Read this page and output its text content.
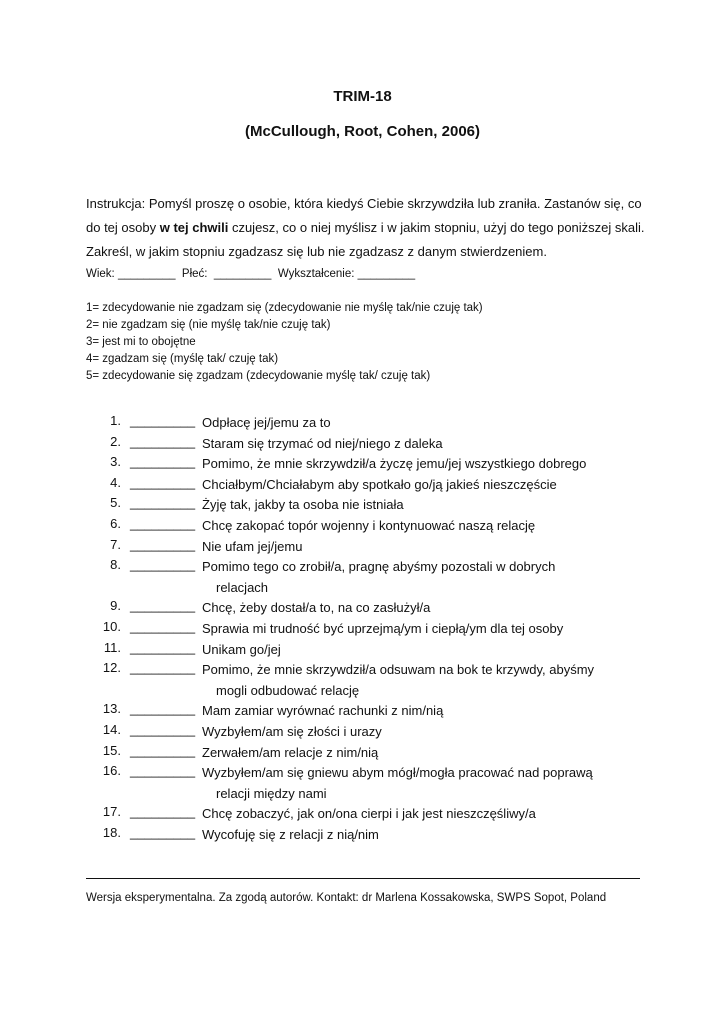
TRIM-18
(McCullough, Root, Cohen, 2006)
Instrukcja: Pomyśl proszę o osobie, która kiedyś Ciebie skrzywdziła lub zraniła. Zastanów się, co do tej osoby w tej chwili czujesz, co o niej myślisz i w jakim stopniu, użyj do tego poniższej skali. Zakreśl, w jakim stopniu zgadzasz się lub nie zgadzasz z danym stwierdzeniem.
Wiek: _________ Płeć: _________ Wykształcenie: _________
1= zdecydowanie nie zgadzam się (zdecydowanie nie myślę tak/nie czuję tak)
2= nie zgadzam się (nie myślę tak/nie czuję tak)
3= jest mi to obojętne
4= zgadzam się (myślę tak/ czuję tak)
5= zdecydowanie się zgadzam (zdecydowanie myślę tak/ czuję tak)
1. _________ Odpłacę jej/jemu za to
2. _________ Staram się trzymać od niej/niego z daleka
3. _________ Pomimo, że mnie skrzywdził/a życzę jemu/jej wszystkiego dobrego
4. _________ Chciałbym/Chciałabym aby spotkało go/ją jakieś nieszczęście
5. _________ Żyję tak, jakby ta osoba nie istniała
6. _________ Chcę zakopać topór wojenny i kontynuować naszą relację
7. _________ Nie ufam jej/jemu
8. _________ Pomimo tego co zrobił/a, pragnę abyśmy pozostali w dobrych
relacjach
9. _________ Chcę, żeby dostał/a to, na co zasłużył/a
10. _________ Sprawia mi trudność być uprzejmą/ym i ciepłą/ym dla tej osoby
11. _________ Unikam go/jej
12. _________ Pomimo, że mnie skrzywdził/a odsuwam na bok te krzywdy, abyśmy
mogli odbudować relację
13. _________ Mam zamiar wyrównać rachunki z nim/nią
14. _________ Wyzbyłem/am się złości i urazy
15. _________ Zerwałem/am relacje z nim/nią
16. _________ Wyzbyłem/am się gniewu abym mógł/mogła pracować nad poprawą
relacji między nami
17. _________ Chcę zobaczyć, jak on/ona cierpi i jak jest nieszczęśliwy/a
18. _________ Wycofuję się z relacji z nią/nim
Wersja eksperymentalna. Za zgodą autorów. Kontakt: dr Marlena Kossakowska, SWPS Sopot, Poland
